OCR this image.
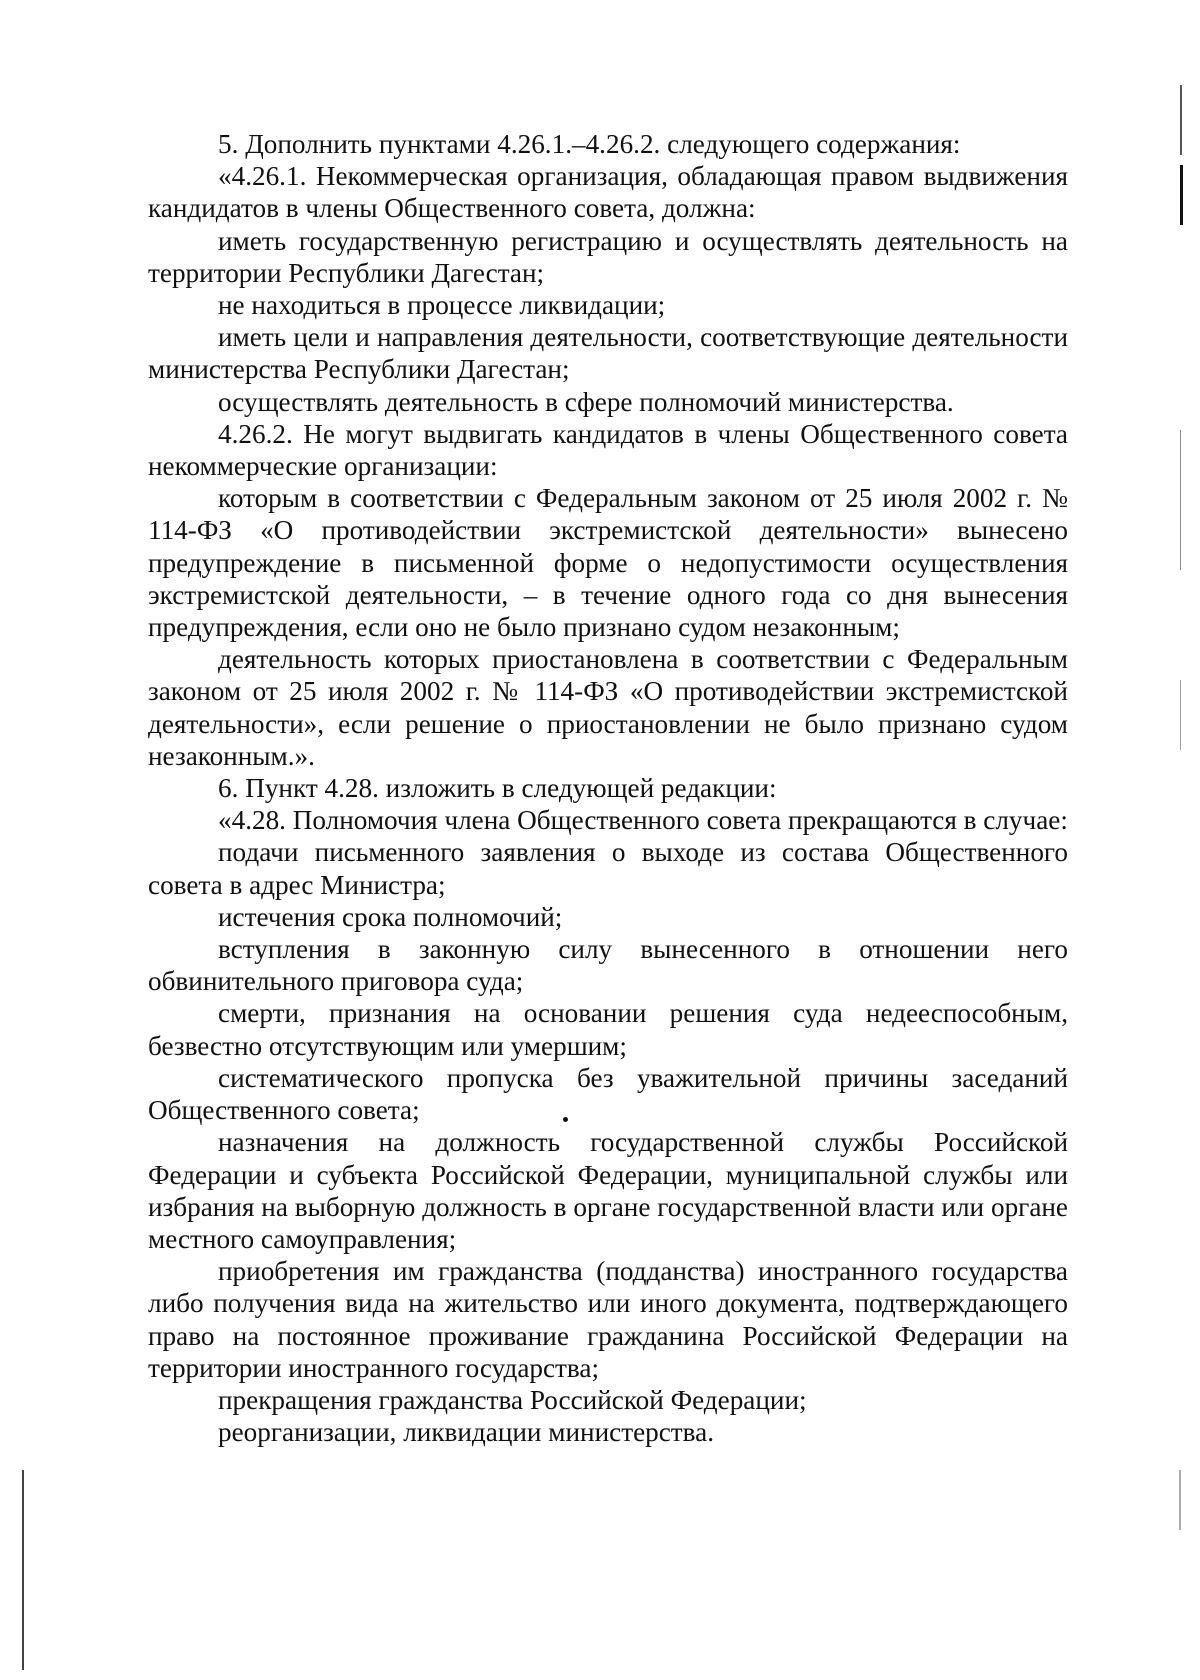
5. Дополнить пунктами 4.26.1.–4.26.2. следующего содержания:

«4.26.1. Некоммерческая организация, обладающая правом выдвижения кандидатов в члены Общественного совета, должна:

иметь государственную регистрацию и осуществлять деятельность на территории Республики Дагестан;

не находиться в процессе ликвидации;

иметь цели и направления деятельности, соответствующие деятельности министерства Республики Дагестан;

осуществлять деятельность в сфере полномочий министерства.

4.26.2. Не могут выдвигать кандидатов в члены Общественного совета некоммерческие организации:

которым в соответствии с Федеральным законом от 25 июля 2002 г. № 114-ФЗ «О противодействии экстремистской деятельности» вынесено предупреждение в письменной форме о недопустимости осуществления экстремистской деятельности, – в течение одного года со дня вынесения предупреждения, если оно не было признано судом незаконным;

деятельность которых приостановлена в соответствии с Федеральным законом от 25 июля 2002 г. № 114-ФЗ «О противодействии экстремистской деятельности», если решение о приостановлении не было признано судом незаконным.».

6. Пункт 4.28. изложить в следующей редакции:

«4.28. Полномочия члена Общественного совета прекращаются в случае:

подачи письменного заявления о выходе из состава Общественного совета в адрес Министра;

истечения срока полномочий;

вступления в законную силу вынесенного в отношении него обвинительного приговора суда;

смерти, признания на основании решения суда недееспособным, безвестно отсутствующим или умершим;

систематического пропуска без уважительной причины заседаний Общественного совета;

назначения на должность государственной службы Российской Федерации и субъекта Российской Федерации, муниципальной службы или избрания на выборную должность в органе государственной власти или органе местного самоуправления;

приобретения им гражданства (подданства) иностранного государства либо получения вида на жительство или иного документа, подтверждающего право на постоянное проживание гражданина Российской Федерации на территории иностранного государства;

прекращения гражданства Российской Федерации;

реорганизации, ликвидации министерства.
